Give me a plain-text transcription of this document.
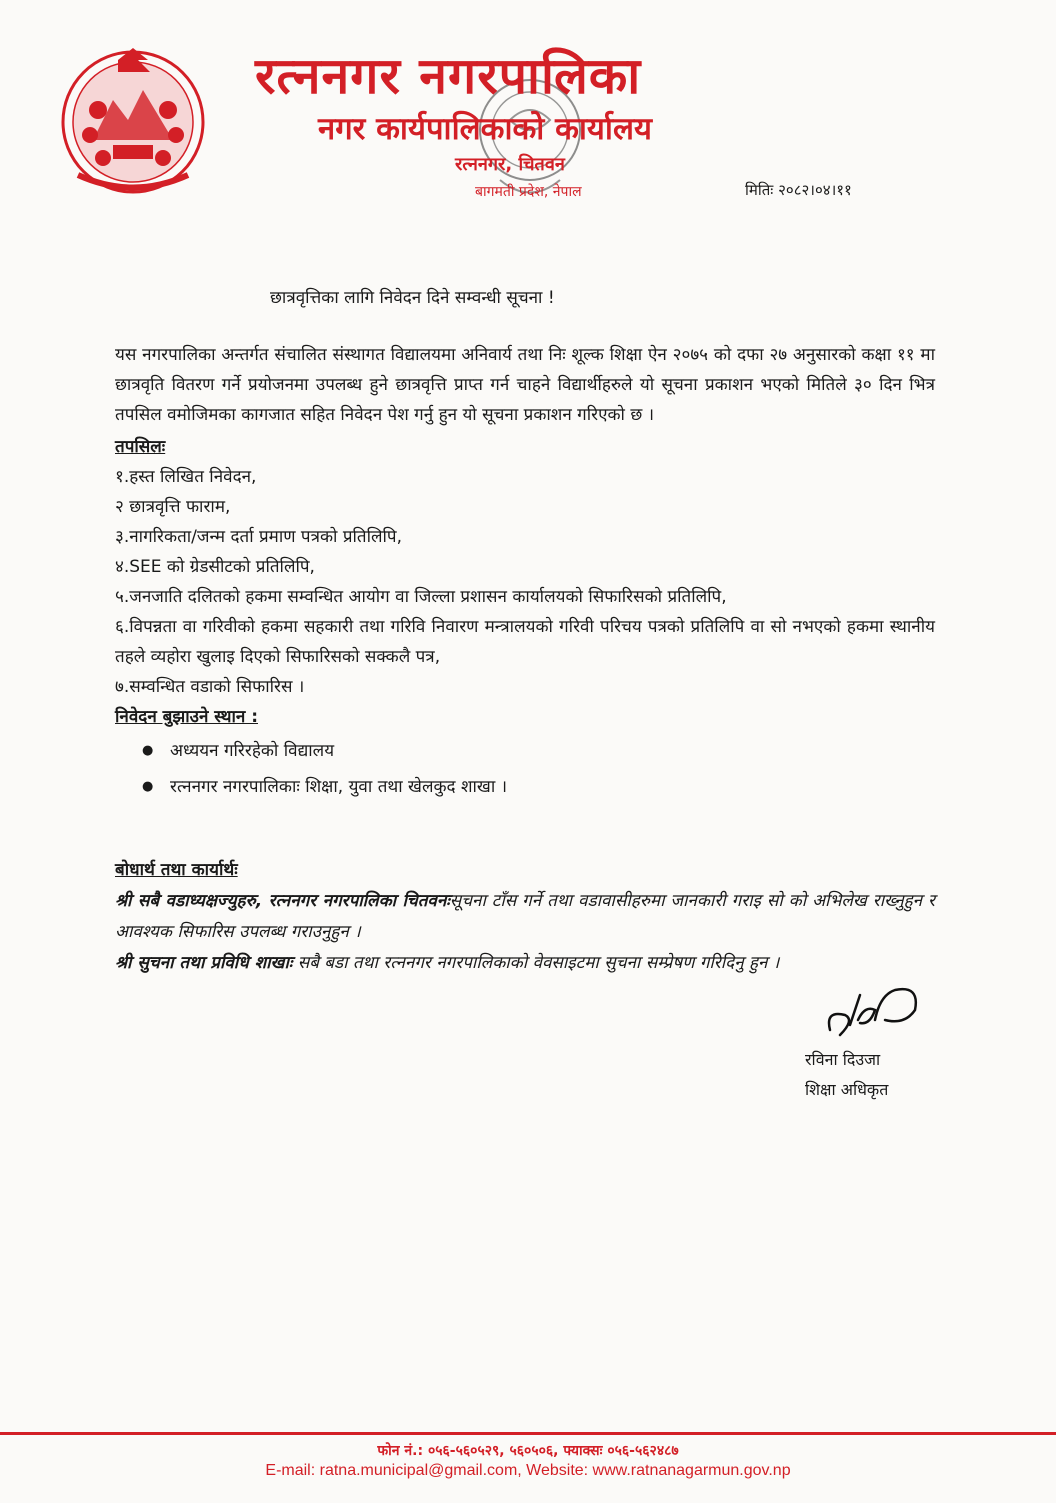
रत्ननगर नगरपालिका
नगर कार्यपालिकाको कार्यालय
रत्ननगर, चितवन
बागमती प्रदेश, नेपाल	मितिः २०८२।०४।११
छात्रवृत्तिका लागि निवेदन दिने सम्वन्धी सूचना !

यस नगरपालिका अन्तर्गत संचालित संस्थागत विद्यालयमा अनिवार्य तथा निः शूल्क शिक्षा ऐन २०७५ को दफा २७ अनुसारको कक्षा ११ मा छात्रवृति वितरण गर्ने प्रयोजनमा उपलब्ध हुने छात्रवृत्ति प्राप्त गर्न चाहने विद्यार्थीहरुले यो सूचना प्रकाशन भएको मितिले ३० दिन भित्र तपसिल वमोजिमका कागजात सहित निवेदन पेश गर्नु हुन यो सूचना प्रकाशन गरिएको छ ।

तपसिलः

१.हस्त लिखित निवेदन,

२ छात्रवृत्ति फाराम,

३.नागरिकता/जन्म दर्ता प्रमाण पत्रको प्रतिलिपि,

४.SEE को ग्रेडसीटको प्रतिलिपि,

५.जनजाति दलितको हकमा सम्वन्धित आयोग वा जिल्ला प्रशासन कार्यालयको सिफारिसको प्रतिलिपि,

६.विपन्नता वा गरिवीको हकमा सहकारी तथा गरिवि निवारण मन्त्रालयको गरिवी परिचय पत्रको प्रतिलिपि वा सो नभएको हकमा स्थानीय तहले व्यहोरा खुलाइ दिएको सिफारिसको सक्कलै पत्र,

७.सम्वन्धित वडाको सिफारिस ।

निवेदन बुझाउने स्थान :

● अध्ययन गरिरहेको विद्यालय
● रत्ननगर नगरपालिकाः शिक्षा, युवा तथा खेलकुद शाखा ।
बोधार्थ तथा कार्यार्थः
श्री सबै वडाध्यक्षज्युहरु, रत्ननगर नगरपालिका चितवनःसूचना टाँस गर्ने तथा वडावासीहरुमा जानकारी गराइ सो को अभिलेख राख्नुहुन र आवश्यक सिफारिस उपलब्ध गराउनुहुन ।
श्री सुचना तथा प्रविधि शाखाः सबै बडा तथा रत्ननगर नगरपालिकाको वेवसाइटमा सुचना सम्प्रेषण गरिदिनु हुन ।
रविना दिउजा
शिक्षा अधिकृत
फोन नं.: ०५६-५६०५२९, ५६०५०६, फ्याक्सः ०५६-५६२४८७
E-mail: ratna.municipal@gmail.com, Website: www.ratnanagarmun.gov.np
